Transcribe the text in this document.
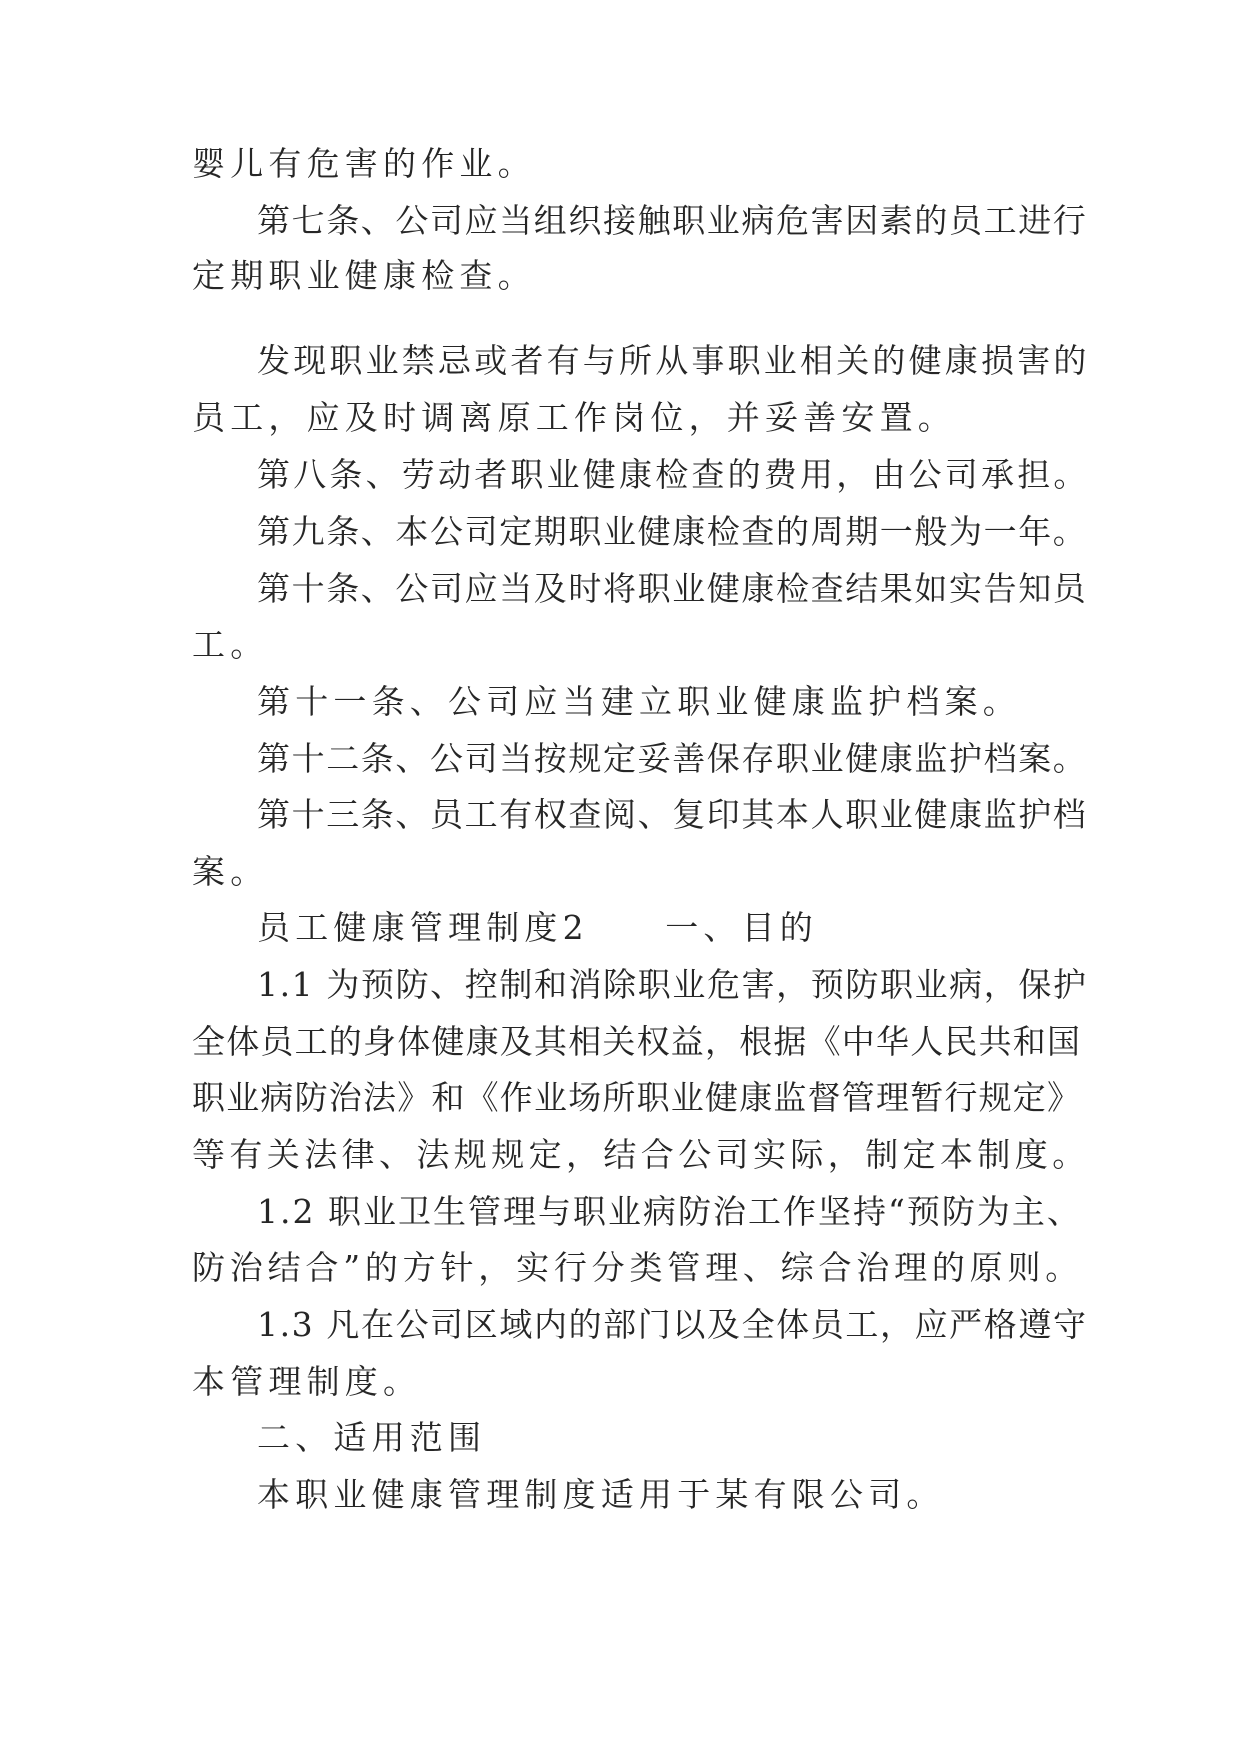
婴儿有危害的作业。
第七条、公司应当组织接触职业病危害因素的员工进行
定期职业健康检查。
发现职业禁忌或者有与所从事职业相关的健康损害的
员工，应及时调离原工作岗位，并妥善安置。
第八条、劳动者职业健康检查的费用，由公司承担。
第九条、本公司定期职业健康检查的周期一般为一年。
第十条、公司应当及时将职业健康检查结果如实告知员
工。
第十一条、公司应当建立职业健康监护档案。
第十二条、公司当按规定妥善保存职业健康监护档案。
第十三条、员工有权查阅、复印其本人职业健康监护档
案。
员工健康管理制度2　　一、目的
1.1 为预防、控制和消除职业危害，预防职业病，保护
全体员工的身体健康及其相关权益，根据《中华人民共和国
职业病防治法》和《作业场所职业健康监督管理暂行规定》
等有关法律、法规规定，结合公司实际，制定本制度。
1.2 职业卫生管理与职业病防治工作坚持“预防为主、
防治结合”的方针，实行分类管理、综合治理的原则。
1.3 凡在公司区域内的部门以及全体员工，应严格遵守
本管理制度。
二、适用范围
本职业健康管理制度适用于某有限公司。
